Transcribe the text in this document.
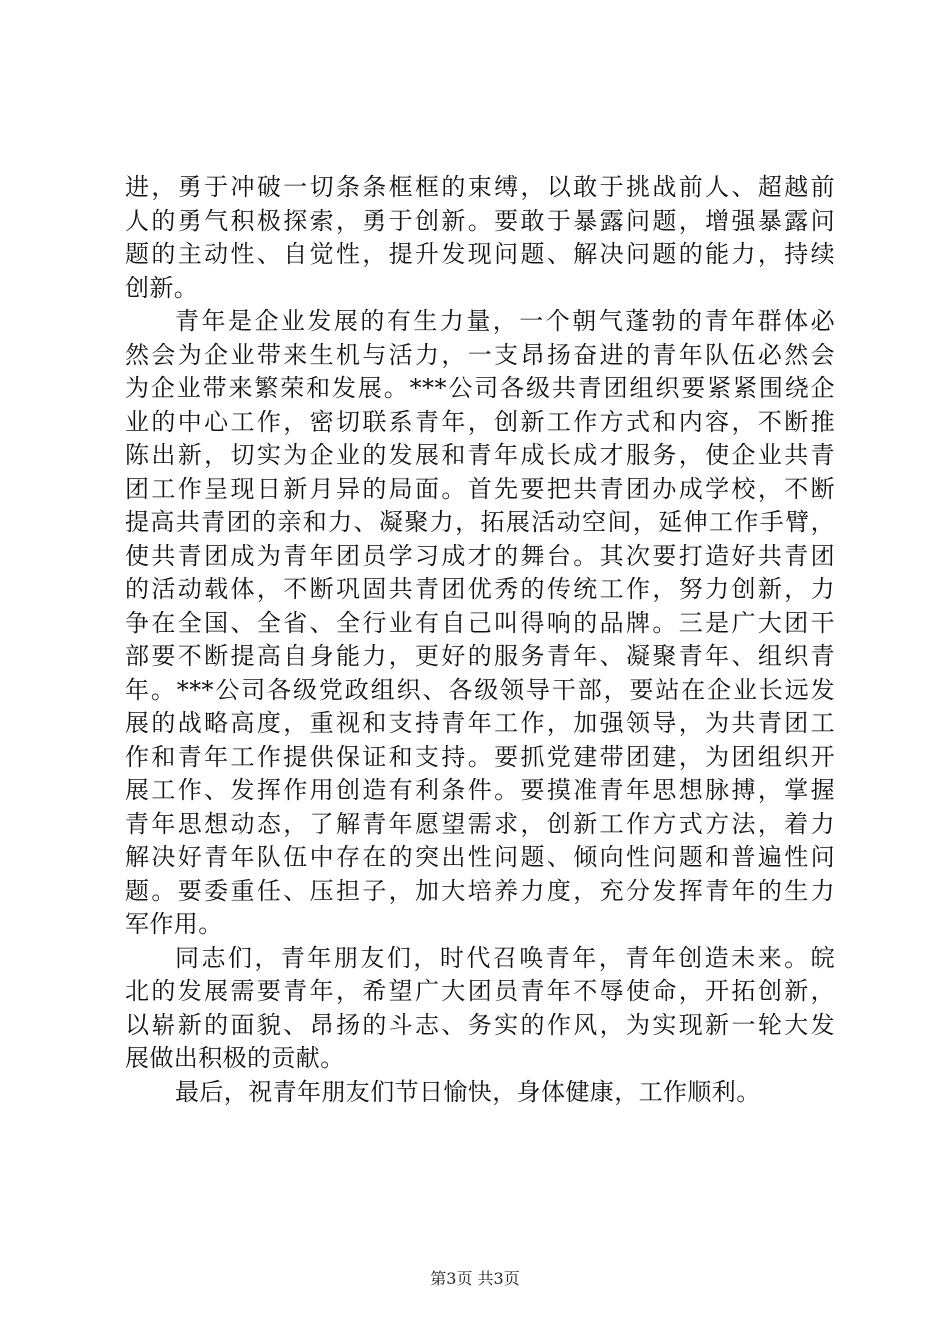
进，勇于冲破一切条条框框的束缚，以敢于挑战前人、超越前
人的勇气积极探索，勇于创新。要敢于暴露问题，增强暴露问
题的主动性、自觉性，提升发现问题、解决问题的能力，持续
创新。
青年是企业发展的有生力量，一个朝气蓬勃的青年群体必
然会为企业带来生机与活力，一支昂扬奋进的青年队伍必然会
为企业带来繁荣和发展。***公司各级共青团组织要紧紧围绕企
业的中心工作，密切联系青年，创新工作方式和内容，不断推
陈出新，切实为企业的发展和青年成长成才服务，使企业共青
团工作呈现日新月异的局面。首先要把共青团办成学校，不断
提高共青团的亲和力、凝聚力，拓展活动空间，延伸工作手臂，
使共青团成为青年团员学习成才的舞台。其次要打造好共青团
的活动载体，不断巩固共青团优秀的传统工作，努力创新，力
争在全国、全省、全行业有自己叫得响的品牌。三是广大团干
部要不断提高自身能力，更好的服务青年、凝聚青年、组织青
年。***公司各级党政组织、各级领导干部，要站在企业长远发
展的战略高度，重视和支持青年工作，加强领导，为共青团工
作和青年工作提供保证和支持。要抓党建带团建，为团组织开
展工作、发挥作用创造有利条件。要摸准青年思想脉搏，掌握
青年思想动态，了解青年愿望需求，创新工作方式方法，着力
解决好青年队伍中存在的突出性问题、倾向性问题和普遍性问
题。要委重任、压担子，加大培养力度，充分发挥青年的生力
军作用。
同志们，青年朋友们，时代召唤青年，青年创造未来。皖
北的发展需要青年，希望广大团员青年不辱使命，开拓创新，
以崭新的面貌、昂扬的斗志、务实的作风，为实现新一轮大发
展做出积极的贡献。
最后，祝青年朋友们节日愉快，身体健康，工作顺利。
第3页 共3页
